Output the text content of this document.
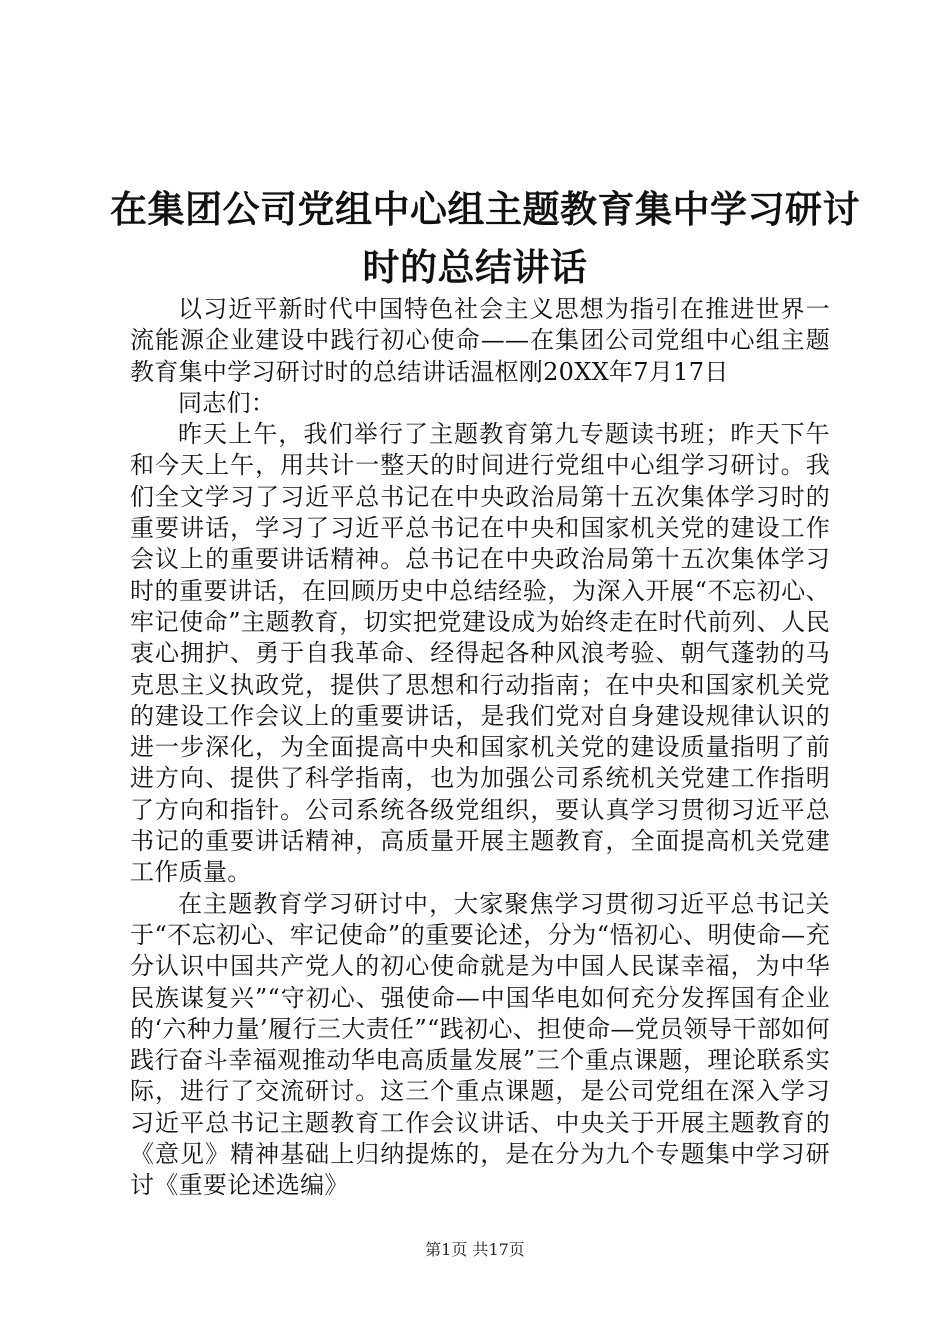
在集团公司党组中心组主题教育集中学习研讨
时的总结讲话

以习近平新时代中国特色社会主义思想为指引在推进世界一流能源企业建设中践行初心使命——在集团公司党组中心组主题教育集中学习研讨时的总结讲话温枢刚20XX年7月17日

同志们：

昨天上午，我们举行了主题教育第九专题读书班；昨天下午和今天上午，用共计一整天的时间进行党组中心组学习研讨。我们全文学习了习近平总书记在中央政治局第十五次集体学习时的重要讲话，学习了习近平总书记在中央和国家机关党的建设工作会议上的重要讲话精神。总书记在中央政治局第十五次集体学习时的重要讲话，在回顾历史中总结经验，为深入开展“不忘初心、牢记使命”主题教育，切实把党建设成为始终走在时代前列、人民衷心拥护、勇于自我革命、经得起各种风浪考验、朝气蓬勃的马克思主义执政党，提供了思想和行动指南；在中央和国家机关党的建设工作会议上的重要讲话，是我们党对自身建设规律认识的进一步深化，为全面提高中央和国家机关党的建设质量指明了前进方向、提供了科学指南，也为加强公司系统机关党建工作指明了方向和指针。公司系统各级党组织，要认真学习贯彻习近平总书记的重要讲话精神，高质量开展主题教育，全面提高机关党建工作质量。

在主题教育学习研讨中，大家聚焦学习贯彻习近平总书记关于“不忘初心、牢记使命”的重要论述，分为“悟初心、明使命—充分认识中国共产党人的初心使命就是为中国人民谋幸福，为中华民族谋复兴”“守初心、强使命—中国华电如何充分发挥国有企业的‘六种力量’履行三大责任”“践初心、担使命—党员领导干部如何践行奋斗幸福观推动华电高质量发展”三个重点课题，理论联系实际，进行了交流研讨。这三个重点课题，是公司党组在深入学习习近平总书记主题教育工作会议讲话、中央关于开展主题教育的《意见》精神基础上归纳提炼的，是在分为九个专题集中学习研讨《重要论述选编》

第1页 共17页
